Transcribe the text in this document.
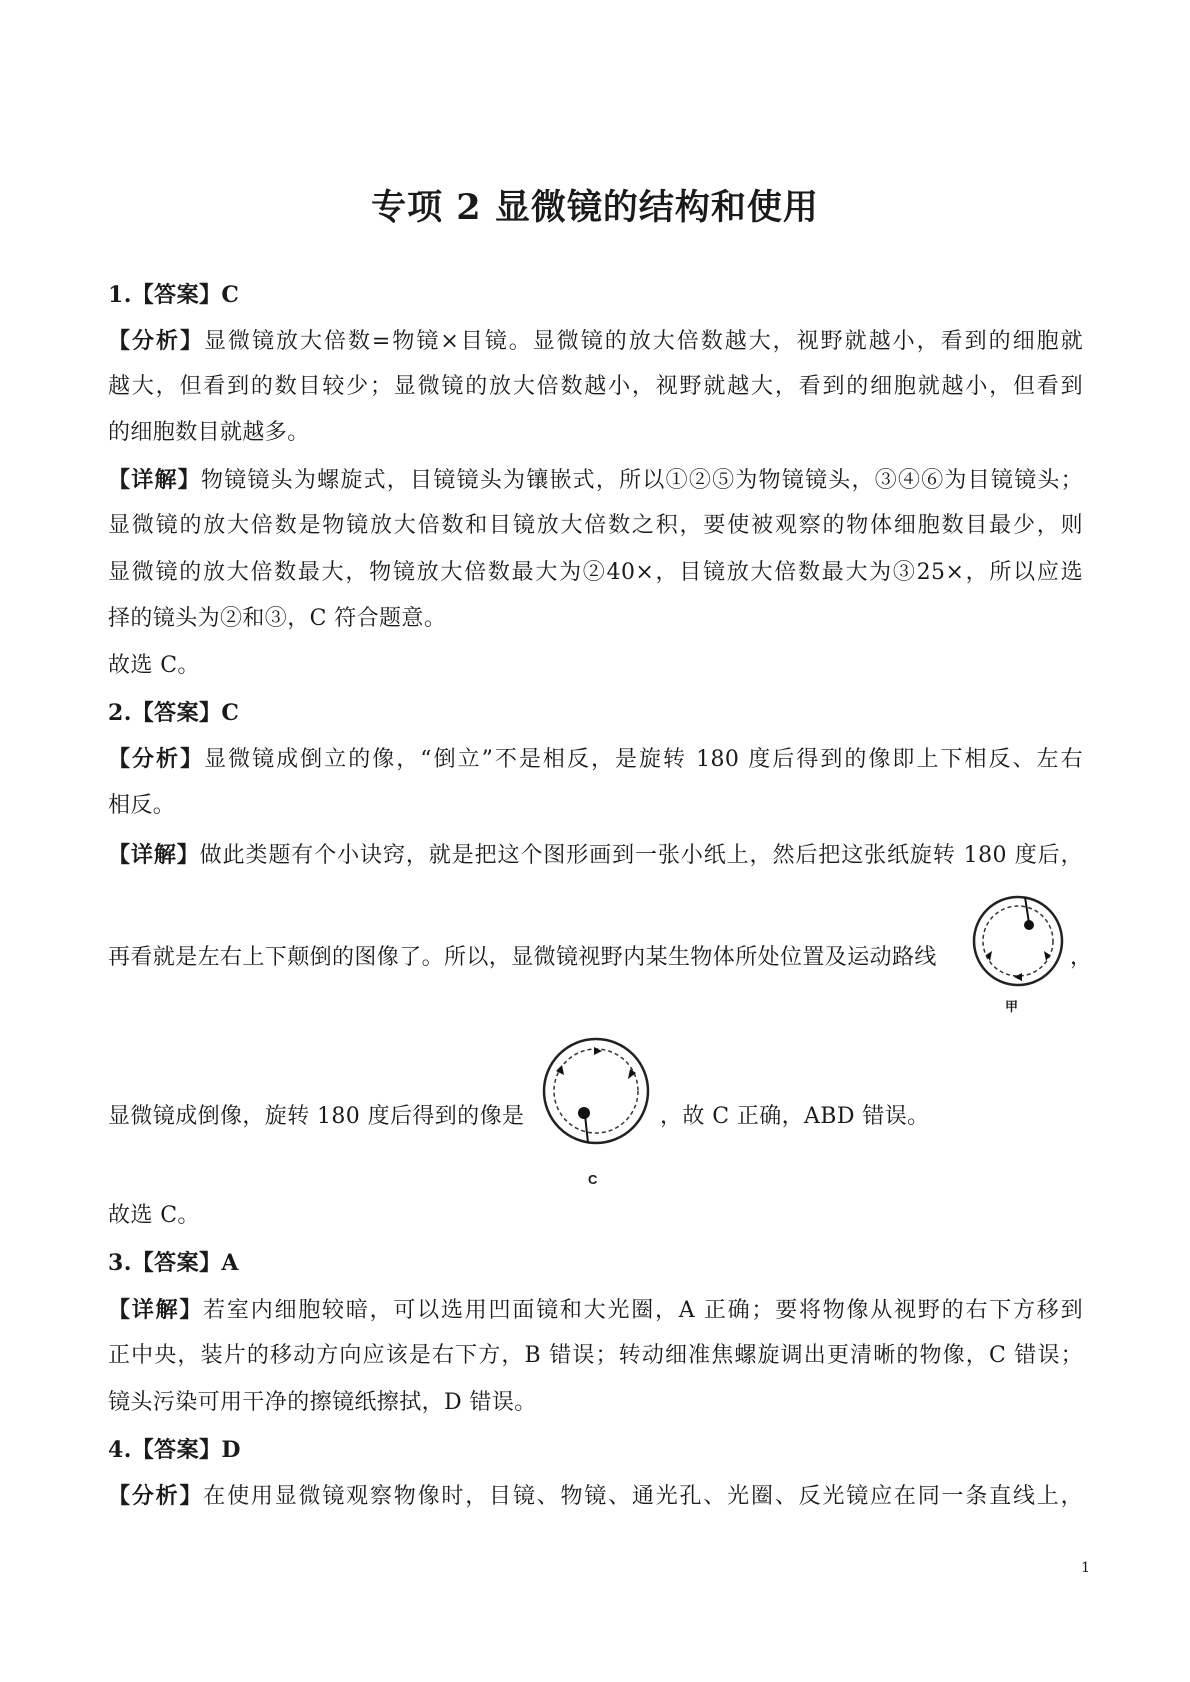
专项 2 显微镜的结构和使用
1.【答案】C
【分析】显微镜放大倍数=物镜×目镜。显微镜的放大倍数越大，视野就越小，看到的细胞就
越大，但看到的数目较少；显微镜的放大倍数越小，视野就越大，看到的细胞就越小，但看到
的细胞数目就越多。
【详解】物镜镜头为螺旋式，目镜镜头为镶嵌式，所以①②⑤为物镜镜头，③④⑥为目镜镜头；
显微镜的放大倍数是物镜放大倍数和目镜放大倍数之积，要使被观察的物体细胞数目最少，则
显微镜的放大倍数最大，物镜放大倍数最大为②40×，目镜放大倍数最大为③25×，所以应选
择的镜头为②和③，C 符合题意。
故选 C。
2.【答案】C
【分析】显微镜成倒立的像，“倒立”不是相反，是旋转 180 度后得到的像即上下相反、左右
相反。
【详解】做此类题有个小诀窍，就是把这个图形画到一张小纸上，然后把这张纸旋转 180 度后，
再看就是左右上下颠倒的图像了。所以，显微镜视野内某生物体所处位置及运动路线	，
甲
显微镜成倒像，旋转 180 度后得到的像是	，故 C 正确，ABD 错误。
C
故选 C。
3.【答案】A
【详解】若室内细胞较暗，可以选用凹面镜和大光圈，A 正确；要将物像从视野的右下方移到
正中央，装片的移动方向应该是右下方，B 错误；转动细准焦螺旋调出更清晰的物像，C 错误；
镜头污染可用干净的擦镜纸擦拭，D 错误。
4.【答案】D
【分析】在使用显微镜观察物像时，目镜、物镜、通光孔、光圈、反光镜应在同一条直线上，
1
